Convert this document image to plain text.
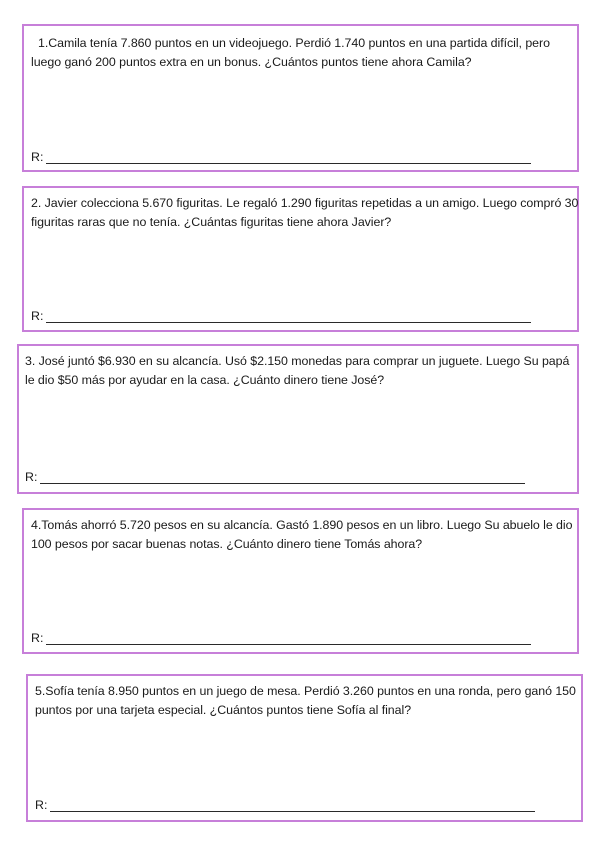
1.Camila tenía 7.860 puntos en un videojuego. Perdió 1.740 puntos en una partida difícil, pero luego ganó 200 puntos extra en un bonus. ¿Cuántos puntos tiene ahora Camila?
R:
2. Javier colecciona 5.670 figuritas. Le regaló 1.290 figuritas repetidas a un amigo. Luego compró 30 figuritas raras que no tenía. ¿Cuántas figuritas tiene ahora Javier?
R:
3. José juntó $6.930 en su alcancía. Usó $2.150 monedas para comprar un juguete. Luego Su papá le dio $50 más por ayudar en la casa. ¿Cuánto dinero tiene José?
R:
4.Tomás ahorró 5.720 pesos en su alcancía. Gastó 1.890 pesos en un libro. Luego Su abuelo le dio 100 pesos por sacar buenas notas. ¿Cuánto dinero tiene Tomás ahora?
R:
5.Sofía tenía 8.950 puntos en un juego de mesa. Perdió 3.260 puntos en una ronda, pero ganó 150 puntos por una tarjeta especial. ¿Cuántos puntos tiene Sofía al final?
R:
